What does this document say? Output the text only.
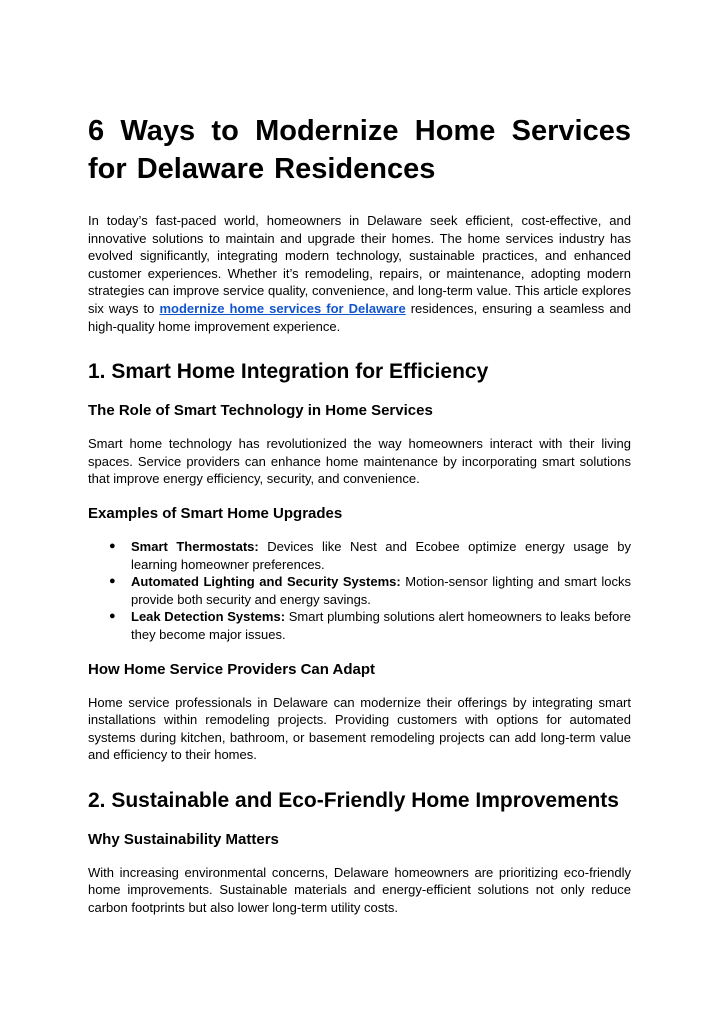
6 Ways to Modernize Home Services for Delaware Residences

In today’s fast-paced world, homeowners in Delaware seek efficient, cost-effective, and innovative solutions to maintain and upgrade their homes. The home services industry has evolved significantly, integrating modern technology, sustainable practices, and enhanced customer experiences. Whether it’s remodeling, repairs, or maintenance, adopting modern strategies can improve service quality, convenience, and long-term value. This article explores six ways to modernize home services for Delaware residences, ensuring a seamless and high-quality home improvement experience.

1. Smart Home Integration for Efficiency
The Role of Smart Technology in Home Services

Smart home technology has revolutionized the way homeowners interact with their living spaces. Service providers can enhance home maintenance by incorporating smart solutions that improve energy efficiency, security, and convenience.

Examples of Smart Home Upgrades
● Smart Thermostats: Devices like Nest and Ecobee optimize energy usage by learning homeowner preferences.
● Automated Lighting and Security Systems: Motion-sensor lighting and smart locks provide both security and energy savings.
● Leak Detection Systems: Smart plumbing solutions alert homeowners to leaks before they become major issues.
How Home Service Providers Can Adapt

Home service professionals in Delaware can modernize their offerings by integrating smart installations within remodeling projects. Providing customers with options for automated systems during kitchen, bathroom, or basement remodeling projects can add long-term value and efficiency to their homes.

2. Sustainable and Eco-Friendly Home Improvements
Why Sustainability Matters

With increasing environmental concerns, Delaware homeowners are prioritizing eco-friendly home improvements. Sustainable materials and energy-efficient solutions not only reduce carbon footprints but also lower long-term utility costs.
